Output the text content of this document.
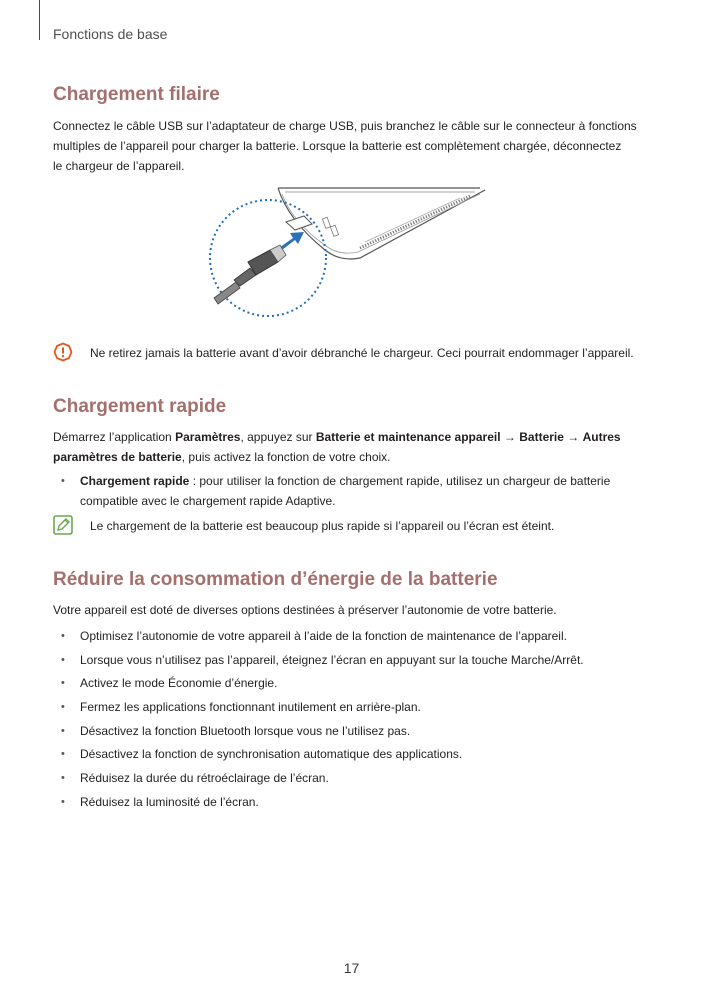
Fonctions de base
Chargement filaire
Connectez le câble USB sur l’adaptateur de charge USB, puis branchez le câble sur le connecteur à fonctions
multiples de l’appareil pour charger la batterie. Lorsque la batterie est complètement chargée, déconnectez
le chargeur de l’appareil.
Ne retirez jamais la batterie avant d’avoir débranché le chargeur. Ceci pourrait endommager l’appareil.
Chargement rapide
Démarrez l’application Paramètres, appuyez sur Batterie et maintenance appareil → Batterie → Autres
paramètres de batterie, puis activez la fonction de votre choix.
• Chargement rapide : pour utiliser la fonction de chargement rapide, utilisez un chargeur de batterie
compatible avec le chargement rapide Adaptive.
Le chargement de la batterie est beaucoup plus rapide si l’appareil ou l’écran est éteint.
Réduire la consommation d’énergie de la batterie
Votre appareil est doté de diverses options destinées à préserver l’autonomie de votre batterie.
• Optimisez l’autonomie de votre appareil à l’aide de la fonction de maintenance de l’appareil.
• Lorsque vous n’utilisez pas l’appareil, éteignez l’écran en appuyant sur la touche Marche/Arrêt.
• Activez le mode Économie d’énergie.
• Fermez les applications fonctionnant inutilement en arrière-plan.
• Désactivez la fonction Bluetooth lorsque vous ne l’utilisez pas.
• Désactivez la fonction de synchronisation automatique des applications.
• Réduisez la durée du rétroéclairage de l’écran.
• Réduisez la luminosité de l’écran.
17
